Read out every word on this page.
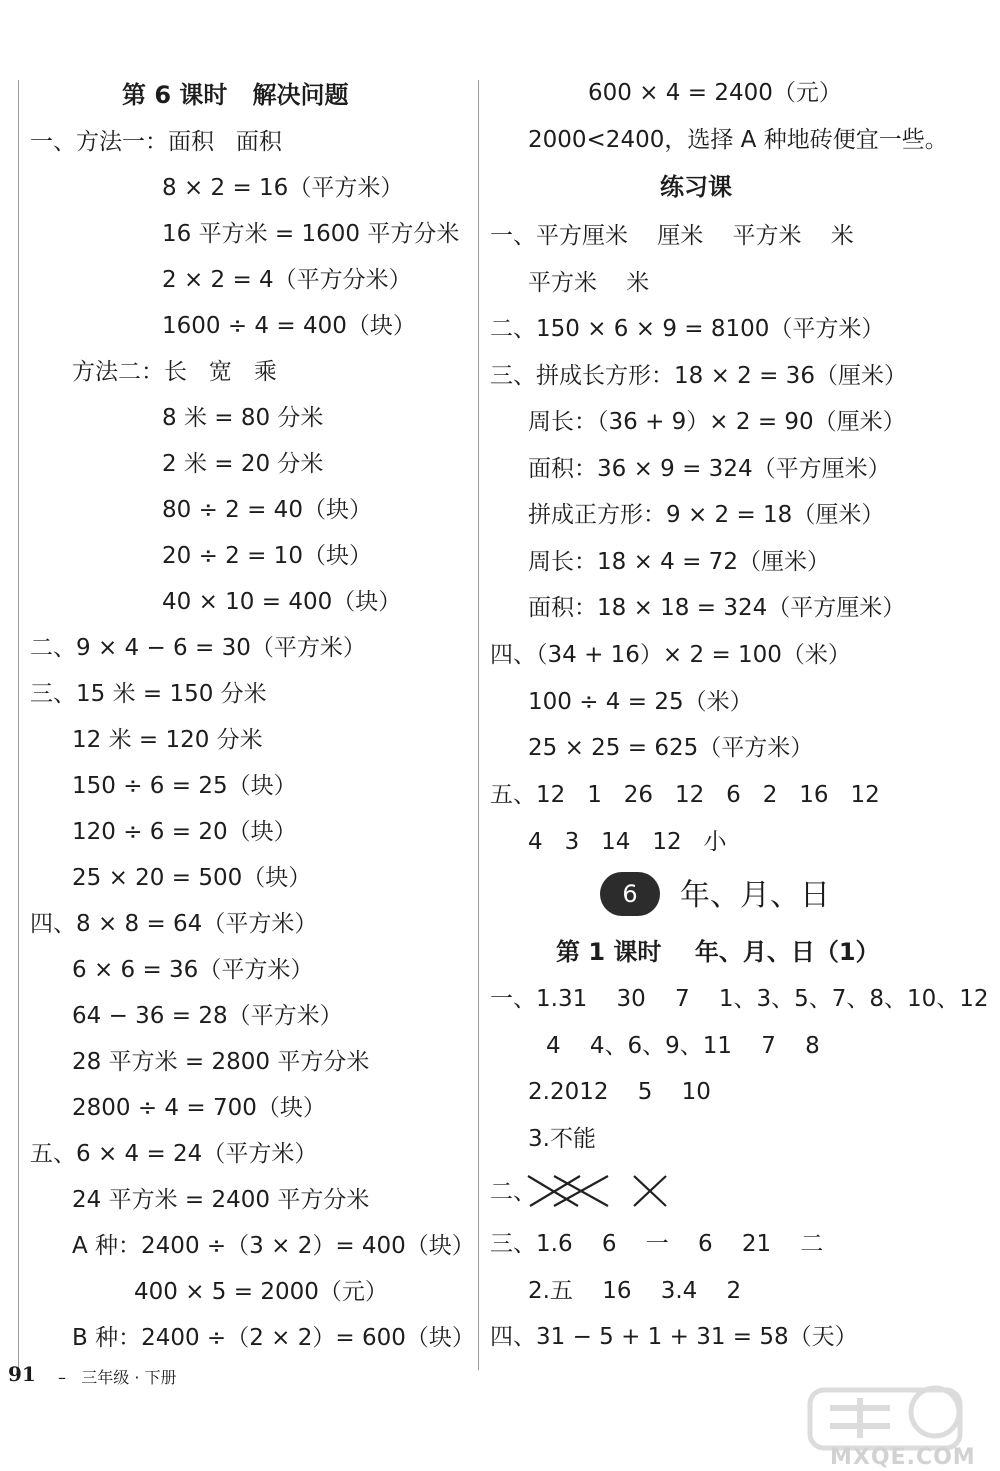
第 6 课时   解决问题
一、方法一：面积   面积
8 × 2 = 16（平方米）
16 平方米 = 1600 平方分米
2 × 2 = 4（平方分米）
1600 ÷ 4 = 400（块）
方法二：长   宽   乘
8 米 = 80 分米
2 米 = 20 分米
80 ÷ 2 = 40（块）
20 ÷ 2 = 10（块）
40 × 10 = 400（块）
二、9 × 4 − 6 = 30（平方米）
三、15 米 = 150 分米
12 米 = 120 分米
150 ÷ 6 = 25（块）
120 ÷ 6 = 20（块）
25 × 20 = 500（块）
四、8 × 8 = 64（平方米）
6 × 6 = 36（平方米）
64 − 36 = 28（平方米）
28 平方米 = 2800 平方分米
2800 ÷ 4 = 700（块）
五、6 × 4 = 24（平方米）
24 平方米 = 2400 平方分米
A 种：2400 ÷（3 × 2）= 400（块）
400 × 5 = 2000（元）
B 种：2400 ÷（2 × 2）= 600（块）
600 × 4 = 2400（元）
2000<2400，选择 A 种地砖便宜一些。
练习课
一、平方厘米    厘米    平方米    米
平方米    米
二、150 × 6 × 9 = 8100（平方米）
三、拼成长方形：18 × 2 = 36（厘米）
周长：（36 + 9）× 2 = 90（厘米）
面积：36 × 9 = 324（平方厘米）
拼成正方形：9 × 2 = 18（厘米）
周长：18 × 4 = 72（厘米）
面积：18 × 18 = 324（平方厘米）
四、（34 + 16）× 2 = 100（米）
100 ÷ 4 = 25（米）
25 × 25 = 625（平方米）
五、12   1   26   12   6   2   16   12
4   3   14   12   小
6	年、月、日
第 1 课时    年、月、日（1）
一、1.31    30    7    1、3、5、7、8、10、12
4    4、6、9、11    7    8
2.2012    5    10
3.不能
二、
三、1.6    6    一    6    21    二
2.五    16    3.4    2
四、31 − 5 + 1 + 31 = 58（天）
91 –   三年级 · 下册
MXQE.COM
